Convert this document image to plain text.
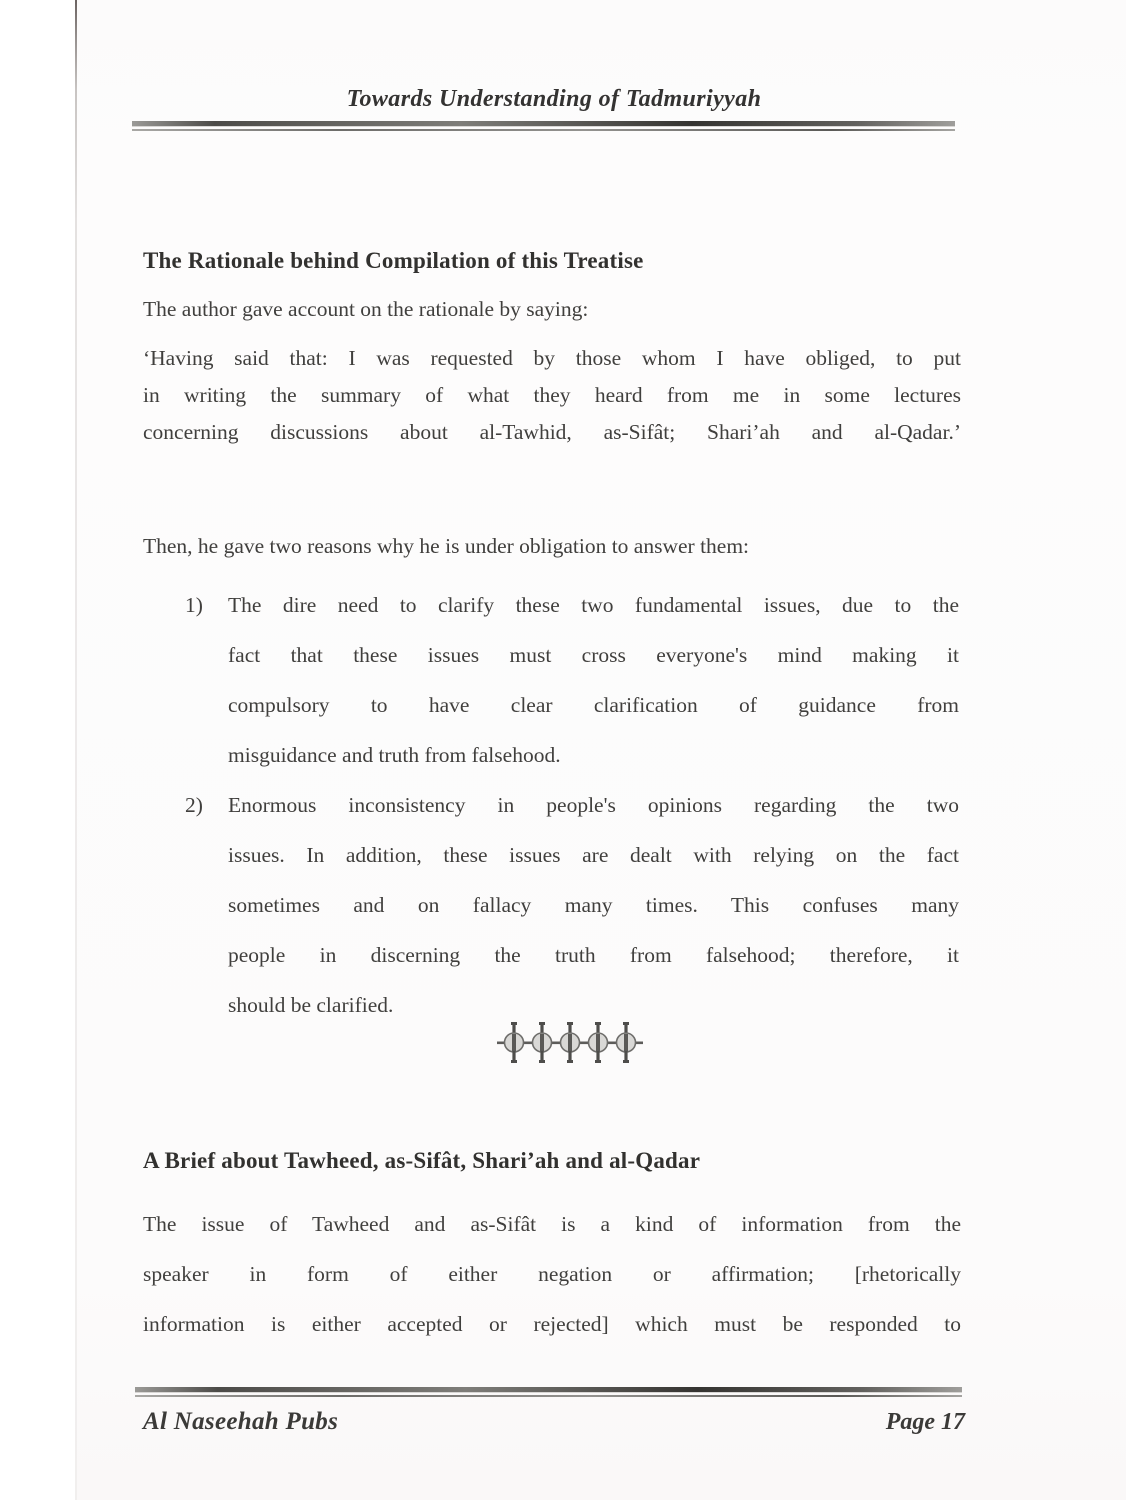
Towards Understanding of Tadmuriyyah
The Rationale behind Compilation of this Treatise
The author gave account on the rationale by saying:
‘Having said that: I was requested by those whom I have obliged, to put
in writing the summary of what they heard from me in some lectures
concerning discussions about al-Tawhid, as-Sifât; Shari’ah and al-Qadar.’
Then, he gave two reasons why he is under obligation to answer them:
1) The dire need to clarify these two fundamental issues, due to the
fact that these issues must cross everyone's mind making it
compulsory to have clear clarification of guidance from
misguidance and truth from falsehood.
2) Enormous inconsistency in people's opinions regarding the two
issues. In addition, these issues are dealt with relying on the fact
sometimes and on fallacy many times. This confuses many
people in discerning the truth from falsehood; therefore, it
should be clarified.
A Brief about Tawheed, as-Sifât, Shari’ah and al-Qadar
The issue of Tawheed and as-Sifât is a kind of information from the
speaker in form of either negation or affirmation; [rhetorically
information is either accepted or rejected] which must be responded to
Al Naseehah Pubs	Page 17
